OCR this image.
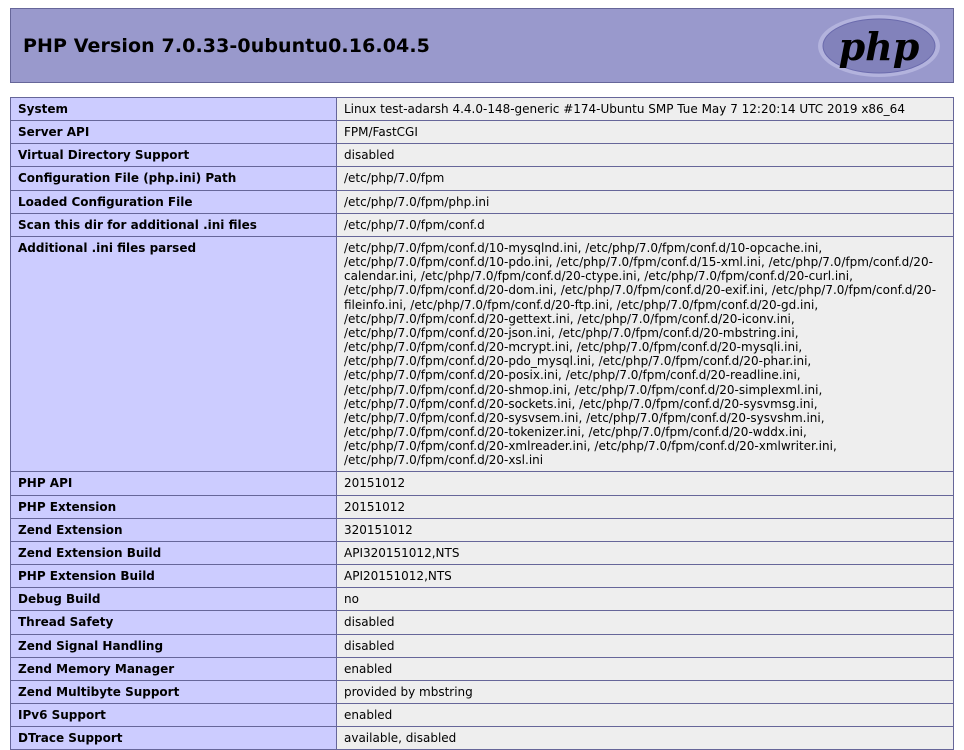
PHP Version 7.0.33-0ubuntu0.16.04.5	php
System	Linux test-adarsh 4.4.0-148-generic #174-Ubuntu SMP Tue May 7 12:20:14 UTC 2019 x86_64
Server API	FPM/FastCGI
Virtual Directory Support	disabled
Configuration File (php.ini) Path	/etc/php/7.0/fpm
Loaded Configuration File	/etc/php/7.0/fpm/php.ini
Scan this dir for additional .ini files	/etc/php/7.0/fpm/conf.d
Additional .ini files parsed	/etc/php/7.0/fpm/conf.d/10-mysqlnd.ini, /etc/php/7.0/fpm/conf.d/10-opcache.ini, /etc/php/7.0/fpm/conf.d/10-pdo.ini, /etc/php/7.0/fpm/conf.d/15-xml.ini, /etc/php/7.0/fpm/conf.d/20-calendar.ini, /etc/php/7.0/fpm/conf.d/20-ctype.ini, /etc/php/7.0/fpm/conf.d/20-curl.ini, /etc/php/7.0/fpm/conf.d/20-dom.ini, /etc/php/7.0/fpm/conf.d/20-exif.ini, /etc/php/7.0/fpm/conf.d/20-fileinfo.ini, /etc/php/7.0/fpm/conf.d/20-ftp.ini, /etc/php/7.0/fpm/conf.d/20-gd.ini, /etc/php/7.0/fpm/conf.d/20-gettext.ini, /etc/php/7.0/fpm/conf.d/20-iconv.ini, /etc/php/7.0/fpm/conf.d/20-json.ini, /etc/php/7.0/fpm/conf.d/20-mbstring.ini, /etc/php/7.0/fpm/conf.d/20-mcrypt.ini, /etc/php/7.0/fpm/conf.d/20-mysqli.ini, /etc/php/7.0/fpm/conf.d/20-pdo_mysql.ini, /etc/php/7.0/fpm/conf.d/20-phar.ini, /etc/php/7.0/fpm/conf.d/20-posix.ini, /etc/php/7.0/fpm/conf.d/20-readline.ini, /etc/php/7.0/fpm/conf.d/20-shmop.ini, /etc/php/7.0/fpm/conf.d/20-simplexml.ini, /etc/php/7.0/fpm/conf.d/20-sockets.ini, /etc/php/7.0/fpm/conf.d/20-sysvmsg.ini, /etc/php/7.0/fpm/conf.d/20-sysvsem.ini, /etc/php/7.0/fpm/conf.d/20-sysvshm.ini, /etc/php/7.0/fpm/conf.d/20-tokenizer.ini, /etc/php/7.0/fpm/conf.d/20-wddx.ini, /etc/php/7.0/fpm/conf.d/20-xmlreader.ini, /etc/php/7.0/fpm/conf.d/20-xmlwriter.ini, /etc/php/7.0/fpm/conf.d/20-xsl.ini
PHP API	20151012
PHP Extension	20151012
Zend Extension	320151012
Zend Extension Build	API320151012,NTS
PHP Extension Build	API20151012,NTS
Debug Build	no
Thread Safety	disabled
Zend Signal Handling	disabled
Zend Memory Manager	enabled
Zend Multibyte Support	provided by mbstring
IPv6 Support	enabled
DTrace Support	available, disabled
